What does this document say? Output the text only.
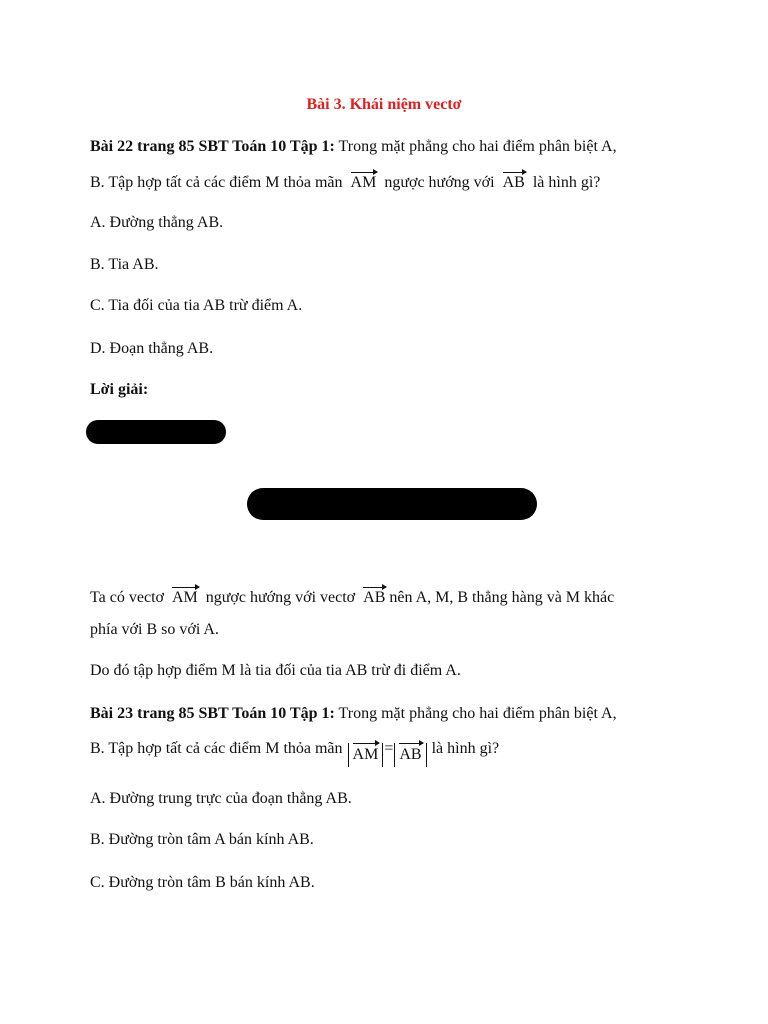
Bài 3. Khái niệm vectơ
Bài 22 trang 85 SBT Toán 10 Tập 1: Trong mặt phẳng cho hai điểm phân biệt A,
B. Tập hợp tất cả các điểm M thỏa mãn AM ngược hướng với AB là hình gì?
A. Đường thẳng AB.
B. Tia AB.
C. Tia đối của tia AB trừ điểm A.
D. Đoạn thẳng AB.
Lời giải:
Ta có vectơ AM ngược hướng với vectơ AB nên A, M, B thẳng hàng và M khác
phía với B so với A.
Do đó tập hợp điểm M là tia đối của tia AB trừ đi điểm A.
Bài 23 trang 85 SBT Toán 10 Tập 1: Trong mặt phẳng cho hai điểm phân biệt A,
B. Tập hợp tất cả các điểm M thỏa mãn AM = AB là hình gì?
A. Đường trung trực của đoạn thẳng AB.
B. Đường tròn tâm A bán kính AB.
C. Đường tròn tâm B bán kính AB.
